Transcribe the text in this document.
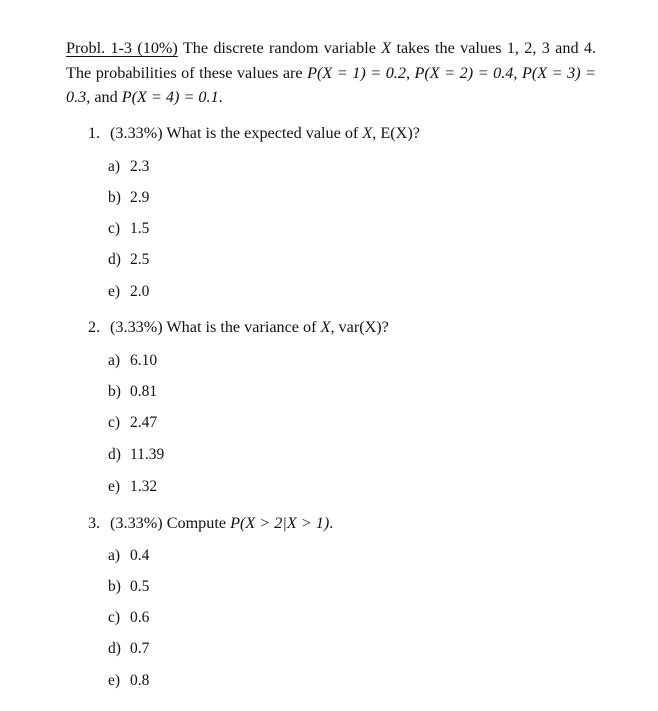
Probl. 1-3 (10%) The discrete random variable X takes the values 1, 2, 3 and 4. The probabilities of these values are P(X = 1) = 0.2, P(X = 2) = 0.4, P(X = 3) = 0.3, and P(X = 4) = 0.1.

1. (3.33%) What is the expected value of X, E(X)?
a) 2.3
b) 2.9
c) 1.5
d) 2.5
e) 2.0
2. (3.33%) What is the variance of X, var(X)?
a) 6.10
b) 0.81
c) 2.47
d) 11.39
e) 1.32
3. (3.33%) Compute P(X > 2|X > 1).
a) 0.4
b) 0.5
c) 0.6
d) 0.7
e) 0.8
